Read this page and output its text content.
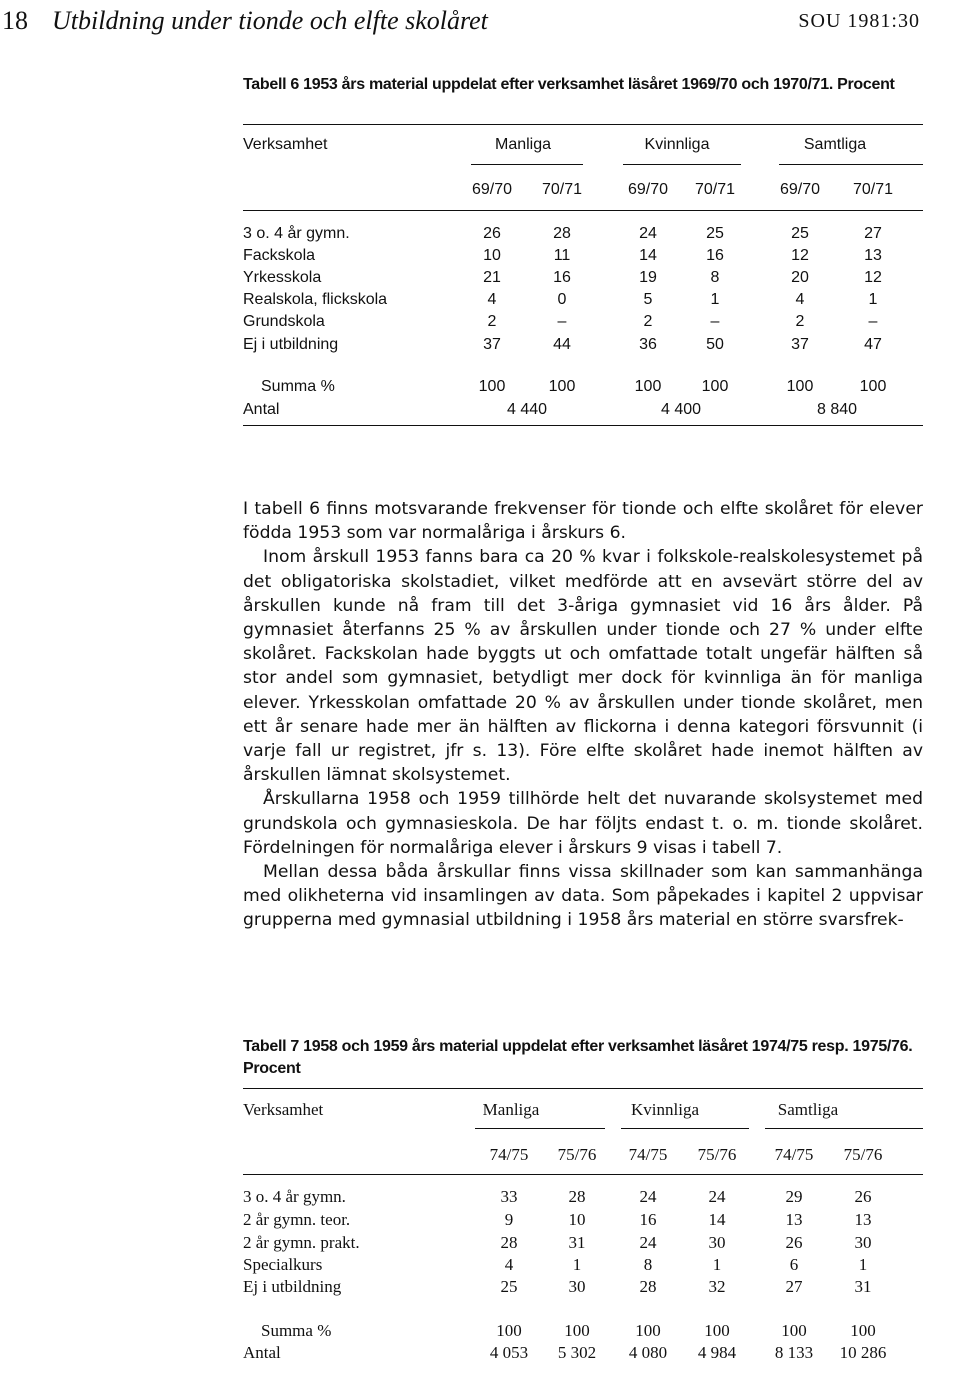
18 Utbildning under tionde och elfte skolåret	SOU 1981:30
Tabell 6 1953 års material uppdelat efter verksamhet läsåret 1969/70 och 1970/71. Procent
Verksamhet	Manliga	Kvinnliga	Samtliga
69/70	70/71	69/70	70/71	69/70	70/71
3 o. 4 år gymn.	26	28	24	25	25	27
Fackskola	10	11	14	16	12	13
Yrkesskola	21	16	19	8	20	12
Realskola, flickskola	4	0	5	1	4	1
Grundskola	2	–	2	–	2	–
Ej i utbildning	37	44	36	50	37	47
Summa %	100	100	100	100	100	100
Antal	4 440	4 400	8 840

I tabell 6 finns motsvarande frekvenser för tionde och elfte skolåret för elever födda 1953 som var normalåriga i årskurs 6.

Inom årskull 1953 fanns bara ca 20 % kvar i folkskole-realskolesystemet på det obligatoriska skolstadiet, vilket medförde att en avsevärt större del av årskullen kunde nå fram till det 3-åriga gymnasiet vid 16 års ålder. På gymnasiet återfanns 25 % av årskullen under tionde och 27 % under elfte skolåret. Fackskolan hade byggts ut och omfattade totalt ungefär hälften så stor andel som gymnasiet, betydligt mer dock för kvinnliga än för manliga elever. Yrkesskolan omfattade 20 % av årskullen under tionde skolåret, men ett år senare hade mer än hälften av flickorna i denna kategori försvunnit (i varje fall ur registret, jfr s. 13). Före elfte skolåret hade inemot hälften av årskullen lämnat skolsystemet.

Årskullarna 1958 och 1959 tillhörde helt det nuvarande skolsystemet med grundskola och gymnasieskola. De har följts endast t. o. m. tionde skolåret. Fördelningen för normalåriga elever i årskurs 9 visas i tabell 7.

Mellan dessa båda årskullar finns vissa skillnader som kan sammanhänga med olikheterna vid insamlingen av data. Som påpekades i kapitel 2 uppvisar grupperna med gymnasial utbildning i 1958 års material en större svarsfrek-

Tabell 7 1958 och 1959 års material uppdelat efter verksamhet läsåret 1974/75 resp. 1975/76. Procent
Verksamhet	Manliga	Kvinnliga	Samtliga
74/75	75/76	74/75	75/76	74/75	75/76
3 o. 4 år gymn.	33	28	24	24	29	26
2 år gymn. teor.	9	10	16	14	13	13
2 år gymn. prakt.	28	31	24	30	26	30
Specialkurs	4	1	8	1	6	1
Ej i utbildning	25	30	28	32	27	31
Summa %	100	100	100	100	100	100
Antal	4 053	5 302	4 080	4 984	8 133	10 286
